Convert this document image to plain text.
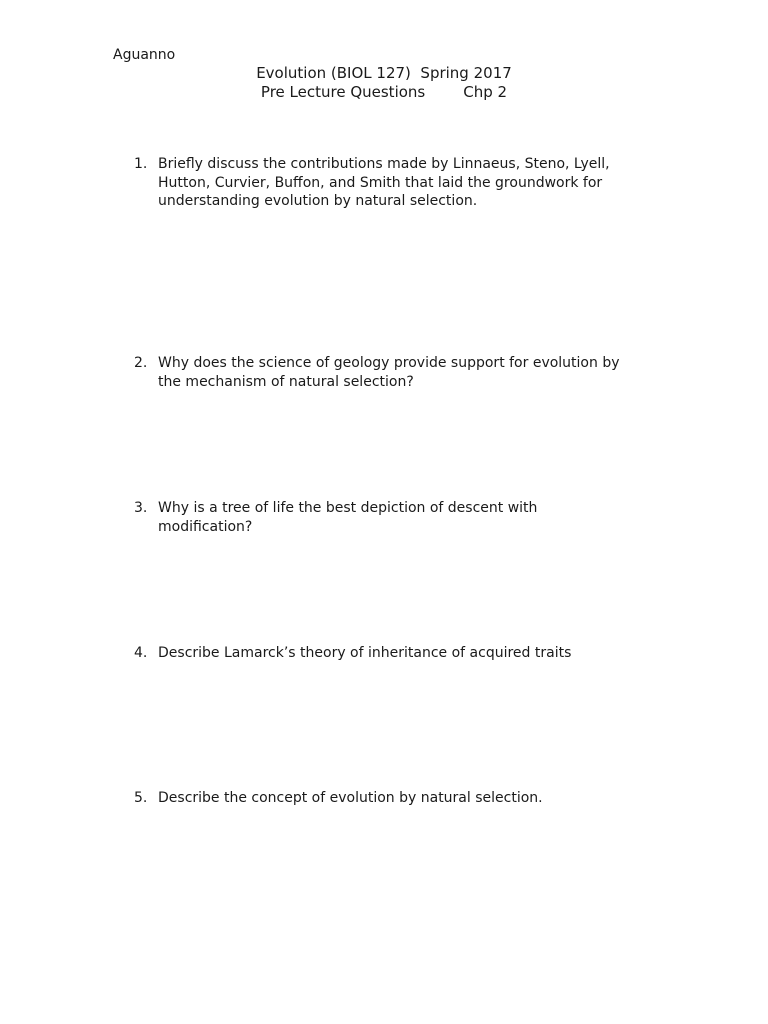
Aguanno
Evolution (BIOL 127)  Spring 2017
Pre Lecture Questions	Chp 2
1. Briefly discuss the contributions made by Linnaeus, Steno, Lyell,
Hutton, Curvier, Buffon, and Smith that laid the groundwork for
understanding evolution by natural selection.
2. Why does the science of geology provide support for evolution by
the mechanism of natural selection?
3. Why is a tree of life the best depiction of descent with
modification?
4. Describe Lamarck’s theory of inheritance of acquired traits
5. Describe the concept of evolution by natural selection.
